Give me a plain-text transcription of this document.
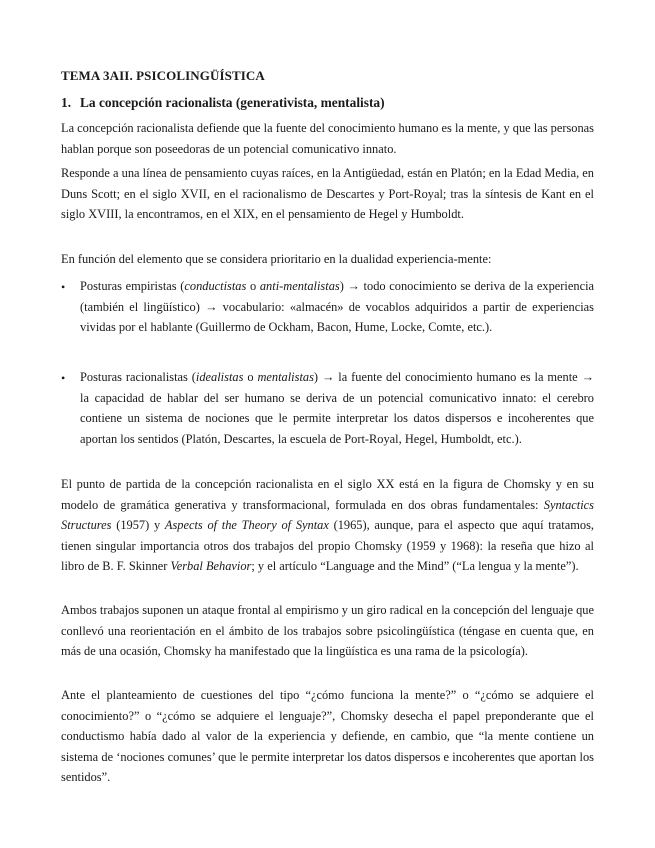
TEMA 3AII. PSICOLINGÜÍSTICA
1. La concepción racionalista (generativista, mentalista)

La concepción racionalista defiende que la fuente del conocimiento humano es la mente, y que las personas hablan porque son poseedoras de un potencial comunicativo innato.

Responde a una línea de pensamiento cuyas raíces, en la Antigüedad, están en Platón; en la Edad Media, en Duns Scott; en el siglo XVII, en el racionalismo de Descartes y Port-Royal; tras la síntesis de Kant en el siglo XVIII, la encontramos, en el XIX, en el pensamiento de Hegel y Humboldt.

En función del elemento que se considera prioritario en la dualidad experiencia-mente:

• Posturas empiristas (conductistas o anti-mentalistas) → todo conocimiento se deriva de la experiencia (también el lingüístico) → vocabulario: «almacén» de vocablos adquiridos a partir de experiencias vividas por el hablante (Guillermo de Ockham, Bacon, Hume, Locke, Comte, etc.).

• Posturas racionalistas (idealistas o mentalistas) → la fuente del conocimiento humano es la mente → la capacidad de hablar del ser humano se deriva de un potencial comunicativo innato: el cerebro contiene un sistema de nociones que le permite interpretar los datos dispersos e incoherentes que aportan los sentidos (Platón, Descartes, la escuela de Port-Royal, Hegel, Humboldt, etc.).

El punto de partida de la concepción racionalista en el siglo XX está en la figura de Chomsky y en su modelo de gramática generativa y transformacional, formulada en dos obras fundamentales: Syntactics Structures (1957) y Aspects of the Theory of Syntax (1965), aunque, para el aspecto que aquí tratamos, tienen singular importancia otros dos trabajos del propio Chomsky (1959 y 1968): la reseña que hizo al libro de B. F. Skinner Verbal Behavior; y el artículo “Language and the Mind” (“La lengua y la mente”).

Ambos trabajos suponen un ataque frontal al empirismo y un giro radical en la concepción del lenguaje que conllevó una reorientación en el ámbito de los trabajos sobre psicolingüística (téngase en cuenta que, en más de una ocasión, Chomsky ha manifestado que la lingüística es una rama de la psicología).

Ante el planteamiento de cuestiones del tipo “¿cómo funciona la mente?” o “¿cómo se adquiere el conocimiento?” o “¿cómo se adquiere el lenguaje?”, Chomsky desecha el papel preponderante que el conductismo había dado al valor de la experiencia y defiende, en cambio, que “la mente contiene un sistema de ‘nociones comunes’ que le permite interpretar los datos dispersos e incoherentes que aportan los sentidos”.
